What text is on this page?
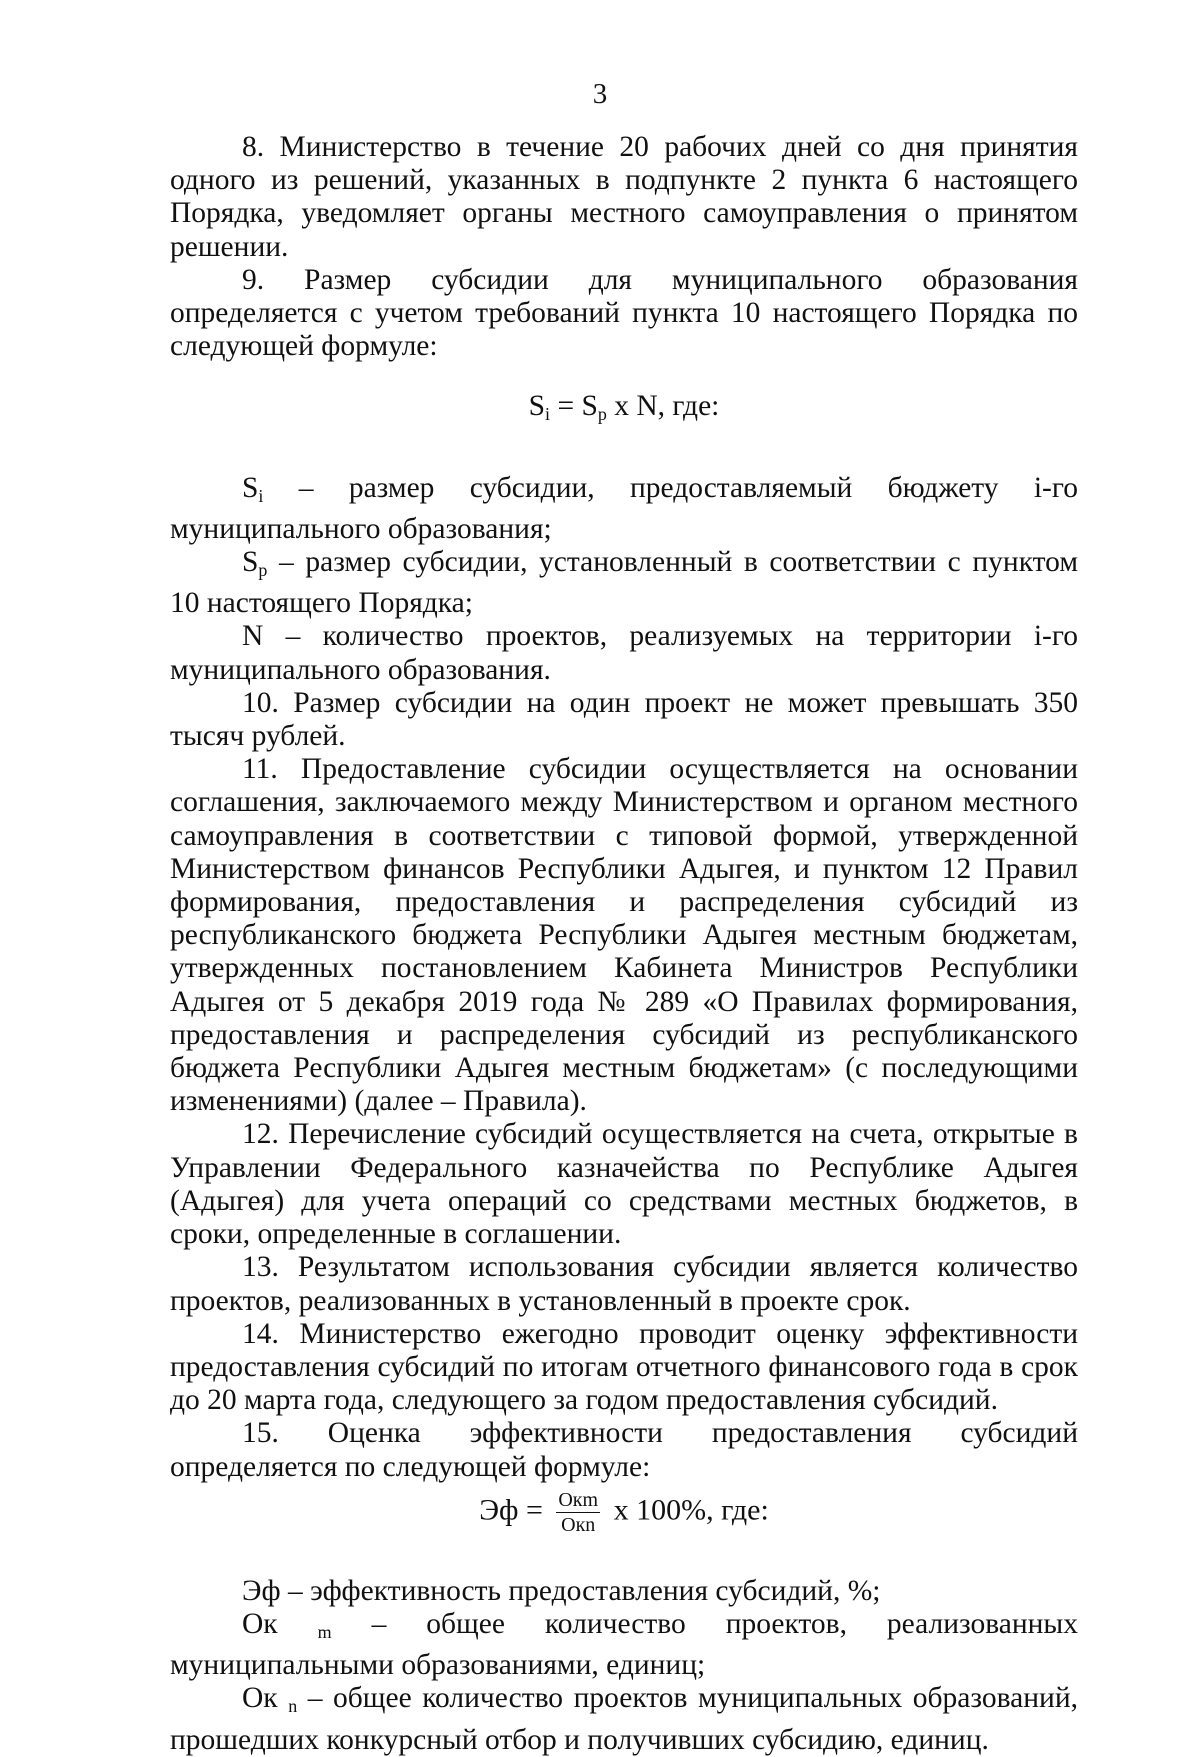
3

8. Министерство в течение 20 рабочих дней со дня принятия одного из решений, указанных в подпункте 2 пункта 6 настоящего Порядка, уведомляет органы местного самоуправления о принятом решении.

9. Размер субсидии для муниципального образования определяется с учетом требований пункта 10 настоящего Порядка по следующей формуле:

$S_i = S_p$ x N, где:

$S_i$ – размер субсидии, предоставляемый бюджету i-го муниципального образования;

$S_p$ – размер субсидии, установленный в соответствии с пунктом 10 настоящего Порядка;

N – количество проектов, реализуемых на территории i-го муниципального образования.

10. Размер субсидии на один проект не может превышать 350 тысяч рублей.

11. Предоставление субсидии осуществляется на основании соглашения, заключаемого между Министерством и органом местного самоуправления в соответствии с типовой формой, утвержденной Министерством финансов Республики Адыгея, и пунктом 12 Правил формирования, предоставления и распределения субсидий из республиканского бюджета Республики Адыгея местным бюджетам, утвержденных постановлением Кабинета Министров Республики Адыгея от 5 декабря 2019 года № 289 «О Правилах формирования, предоставления и распределения субсидий из республиканского бюджета Республики Адыгея местным бюджетам» (с последующими изменениями) (далее – Правила).

12. Перечисление субсидий осуществляется на счета, открытые в Управлении Федерального казначейства по Республике Адыгея (Адыгея) для учета операций со средствами местных бюджетов, в сроки, определенные в соглашении.

13. Результатом использования субсидии является количество проектов, реализованных в установленный в проекте срок.

14. Министерство ежегодно проводит оценку эффективности предоставления субсидий по итогам отчетного финансового года в срок до 20 марта года, следующего за годом предоставления субсидий.

15. Оценка эффективности предоставления субсидий определяется по следующей формуле:

Эф = $\frac{\text{Окm}}{\text{Окn}}$ х 100%, где:

Эф – эффективность предоставления субсидий, %;

Ок $_m$ – общее количество проектов, реализованных муниципальными образованиями, единиц;

Ок $_n$ – общее количество проектов муниципальных образований, прошедших конкурсный отбор и получивших субсидию, единиц.
